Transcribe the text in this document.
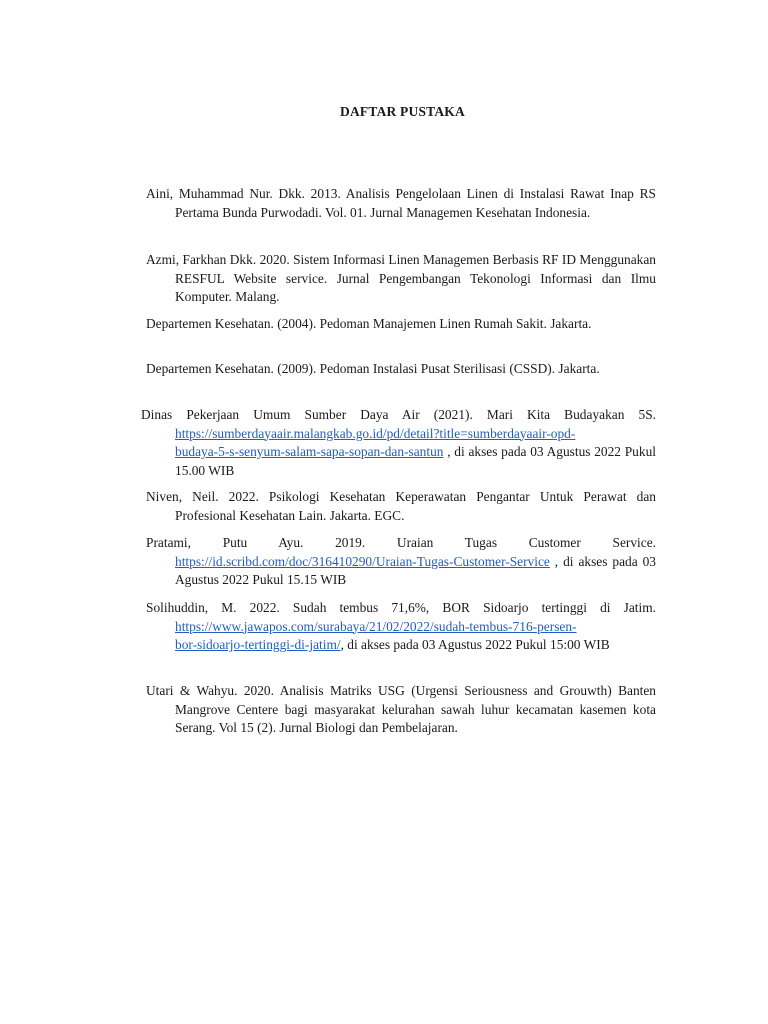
DAFTAR PUSTAKA

Aini, Muhammad Nur. Dkk. 2013. Analisis Pengelolaan Linen di Instalasi Rawat Inap RS Pertama Bunda Purwodadi. Vol. 01. Jurnal Managemen Kesehatan Indonesia.

Azmi, Farkhan Dkk. 2020. Sistem Informasi Linen Managemen Berbasis RF ID Menggunakan RESFUL Website service. Jurnal Pengembangan Tekonologi Informasi dan Ilmu Komputer. Malang.

Departemen Kesehatan. (2004). Pedoman Manajemen Linen Rumah Sakit. Jakarta.

Departemen Kesehatan. (2009). Pedoman Instalasi Pusat Sterilisasi (CSSD). Jakarta.

Dinas Pekerjaan Umum Sumber Daya Air (2021). Mari Kita Budayakan 5S. https://sumberdayaair.malangkab.go.id/pd/detail?title=sumberdayaair-opd-
budaya-5-s-senyum-salam-sapa-sopan-dan-santun , di akses pada 03 Agustus 2022 Pukul 15.00 WIB

Niven, Neil. 2022. Psikologi Kesehatan Keperawatan Pengantar Untuk Perawat dan Profesional Kesehatan Lain. Jakarta. EGC.

Pratami, Putu Ayu. 2019. Uraian Tugas Customer Service. https://id.scribd.com/doc/316410290/Uraian-Tugas-Customer-Service , di akses pada 03 Agustus 2022 Pukul 15.15 WIB

Solihuddin, M. 2022. Sudah tembus 71,6%, BOR Sidoarjo tertinggi di Jatim. https://www.jawapos.com/surabaya/21/02/2022/sudah-tembus-716-persen-
bor-sidoarjo-tertinggi-di-jatim/, di akses pada 03 Agustus 2022 Pukul 15:00 WIB

Utari & Wahyu. 2020. Analisis Matriks USG (Urgensi Seriousness and Grouwth) Banten Mangrove Centere bagi masyarakat kelurahan sawah luhur kecamatan kasemen kota Serang. Vol 15 (2). Jurnal Biologi dan Pembelajaran.
